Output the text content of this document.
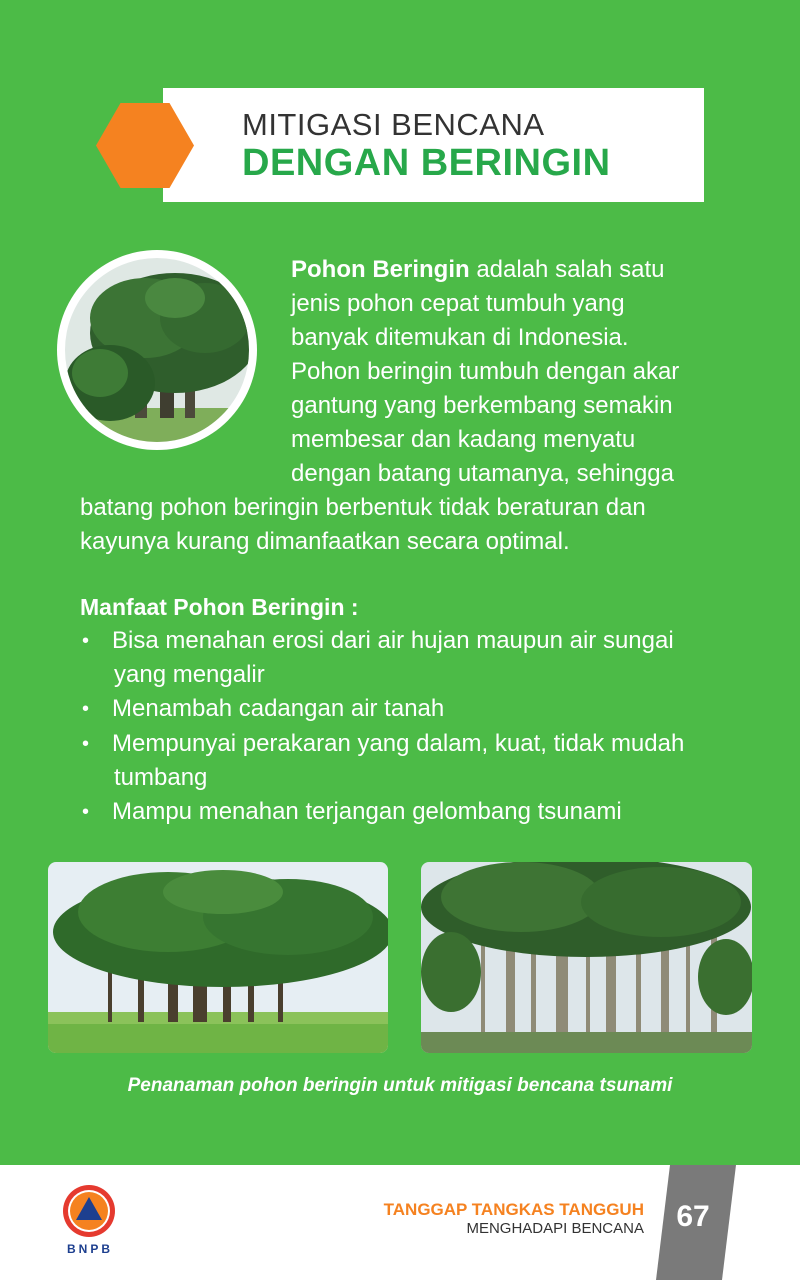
MITIGASI BENCANA
DENGAN BERINGIN
Pohon Beringin adalah salah satu
jenis pohon cepat tumbuh yang
banyak ditemukan di Indonesia.
Pohon beringin tumbuh dengan akar
gantung yang berkembang semakin
membesar dan kadang menyatu
dengan batang utamanya, sehingga
batang pohon beringin berbentuk tidak beraturan dan
kayunya kurang dimanfaatkan secara optimal.
Manfaat Pohon Beringin :
• Bisa menahan erosi dari air hujan maupun air sungai
yang mengalir
• Menambah cadangan air tanah
• Mempunyai perakaran yang dalam, kuat, tidak mudah
tumbang
• Mampu menahan terjangan gelombang tsunami
Penanaman pohon beringin untuk mitigasi bencana tsunami
BNPB
TANGGAP TANGKAS TANGGUH
MENGHADAPI BENCANA 67
